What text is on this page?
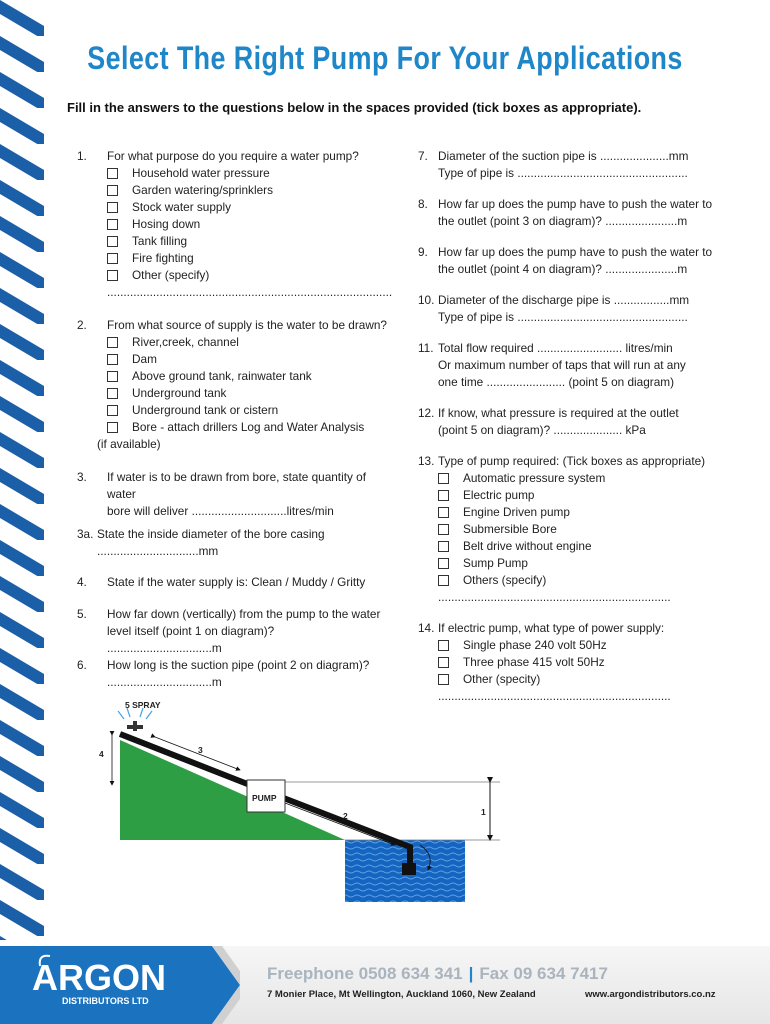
Select The Right Pump For Your Applications
Fill in the answers to the questions below in the spaces provided (tick boxes as appropriate).
1. For what purpose do you require a water pump?
Household water pressure
Garden watering/sprinklers
Stock water supply
Hosing down
Tank filling
Fire fighting
Other (specify)
.......................................................................................
2. From what source of supply is the water to be drawn?
River,creek, channel
Dam
Above ground tank, rainwater tank
Underground tank
Underground tank or cistern
Bore - attach drillers Log and Water Analysis
(if available)
3. If water is to be drawn from bore, state quantity of water
bore will deliver .............................litres/min
3a. State the inside diameter of the bore casing
...............................mm
4. State if the water supply is: Clean / Muddy / Gritty
5. How far down (vertically) from the pump to the water
level itself (point 1 on diagram)?
................................m
6. How long is the suction pipe (point 2 on diagram)?
................................m
7. Diameter of the suction pipe is .....................mm
Type of pipe is ....................................................
8. How far up does the pump have to push the water to
the outlet (point 3 on diagram)? ......................m
9. How far up does the pump have to push the water to
the outlet (point 4 on diagram)? ......................m
10. Diameter of the discharge pipe is .................mm
Type of pipe is ....................................................
11. Total flow required .......................... litres/min
Or maximum number of taps that will run at any
one time ........................ (point 5 on diagram)
12. If know, what pressure is required at the outlet
(point 5 on diagram)? ..................... kPa
13. Type of pump required: (Tick boxes as appropriate)
Automatic pressure system
Electric pump
Engine Driven pump
Submersible Bore
Belt drive without engine
Sump Pump
Others (specify)
.......................................................................
14. If electric pump, what type of power supply:
Single phase 240 volt 50Hz
Three phase 415 volt 50Hz
Other (specity)
.......................................................................
5 SPRAY
4	3
PUMP
2	1
ARGON
DISTRIBUTORS LTD
Freephone 0508 634 341 | Fax 09 634 7417
7 Monier Place, Mt Wellington, Auckland 1060, New Zealand	www.argondistributors.co.nz
